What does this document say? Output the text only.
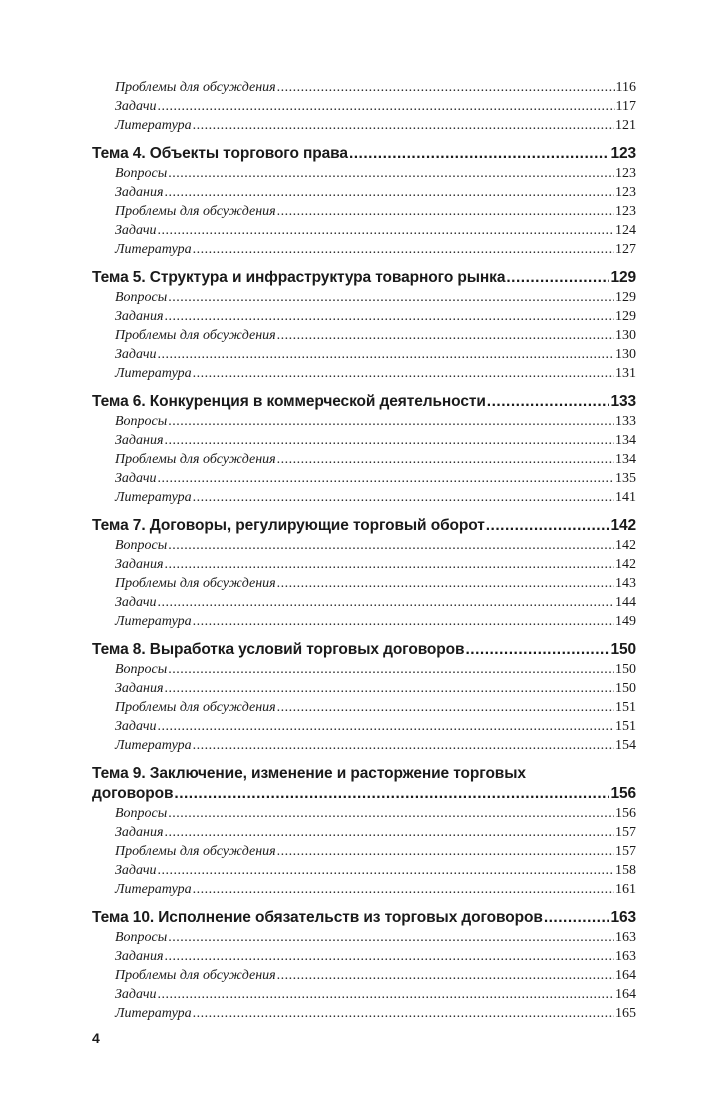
Проблемы для обсуждения .....	116
Задачи .....	117
Литература .....	121
Тема 4. Объекты торгового права .....	123
Вопросы .....	123
Задания .....	123
Проблемы для обсуждения .....	123
Задачи .....	124
Литература .....	127
Тема 5. Структура и инфраструктура товарного рынка .....	129
Вопросы .....	129
Задания .....	129
Проблемы для обсуждения .....	130
Задачи .....	130
Литература .....	131
Тема 6. Конкуренция в коммерческой деятельности .....	133
Вопросы .....	133
Задания .....	134
Проблемы для обсуждения .....	134
Задачи .....	135
Литература .....	141
Тема 7. Договоры, регулирующие торговый оборот .....	142
Вопросы .....	142
Задания .....	142
Проблемы для обсуждения .....	143
Задачи .....	144
Литература .....	149
Тема 8. Выработка условий торговых договоров .....	150
Вопросы .....	150
Задания .....	150
Проблемы для обсуждения .....	151
Задачи .....	151
Литература .....	154
Тема 9. Заключение, изменение и расторжение торговых
договоров .....	156
Вопросы .....	156
Задания .....	157
Проблемы для обсуждения .....	157
Задачи .....	158
Литература .....	161
Тема 10. Исполнение обязательств из торговых договоров .....	163
Вопросы .....	163
Задания .....	163
Проблемы для обсуждения .....	164
Задачи .....	164
Литература .....	165
4
